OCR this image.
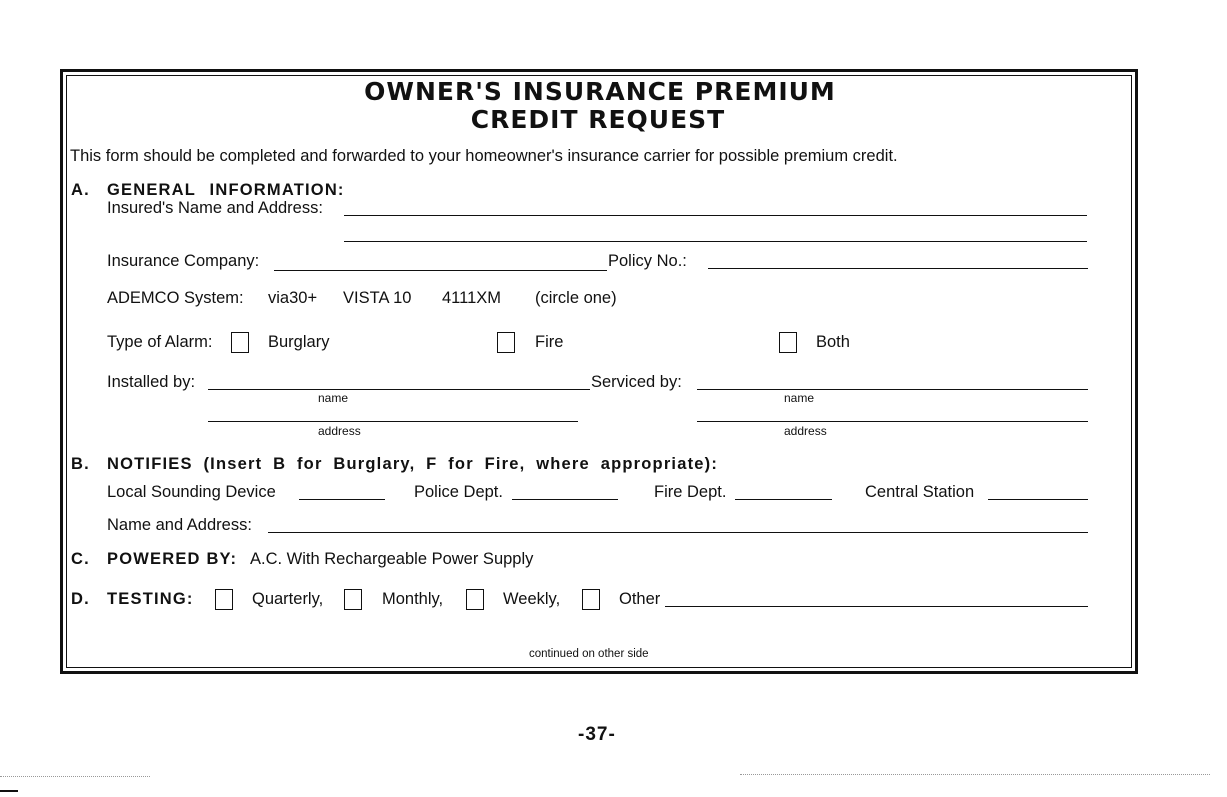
OWNER'S INSURANCE PREMIUM
CREDIT REQUEST
This form should be completed and forwarded to your homeowner's insurance carrier for possible premium credit.
A. GENERAL INFORMATION:
Insured's Name and Address:
Insurance Company:	Policy No.:
ADEMCO System: via30+ VISTA 10 4111XM (circle one)
Type of Alarm:	Burglary	Fire	Both
Installed by:
name
address
Serviced by:
name
address
B. NOTIFIES (Insert B for Burglary, F for Fire, where appropriate):
Local Sounding Device	Police Dept.	Fire Dept.	Central Station
Name and Address:
C. POWERED BY: A.C. With Rechargeable Power Supply
D. TESTING:	Quarterly,	Monthly,	Weekly,	Other
continued on other side
-37-
